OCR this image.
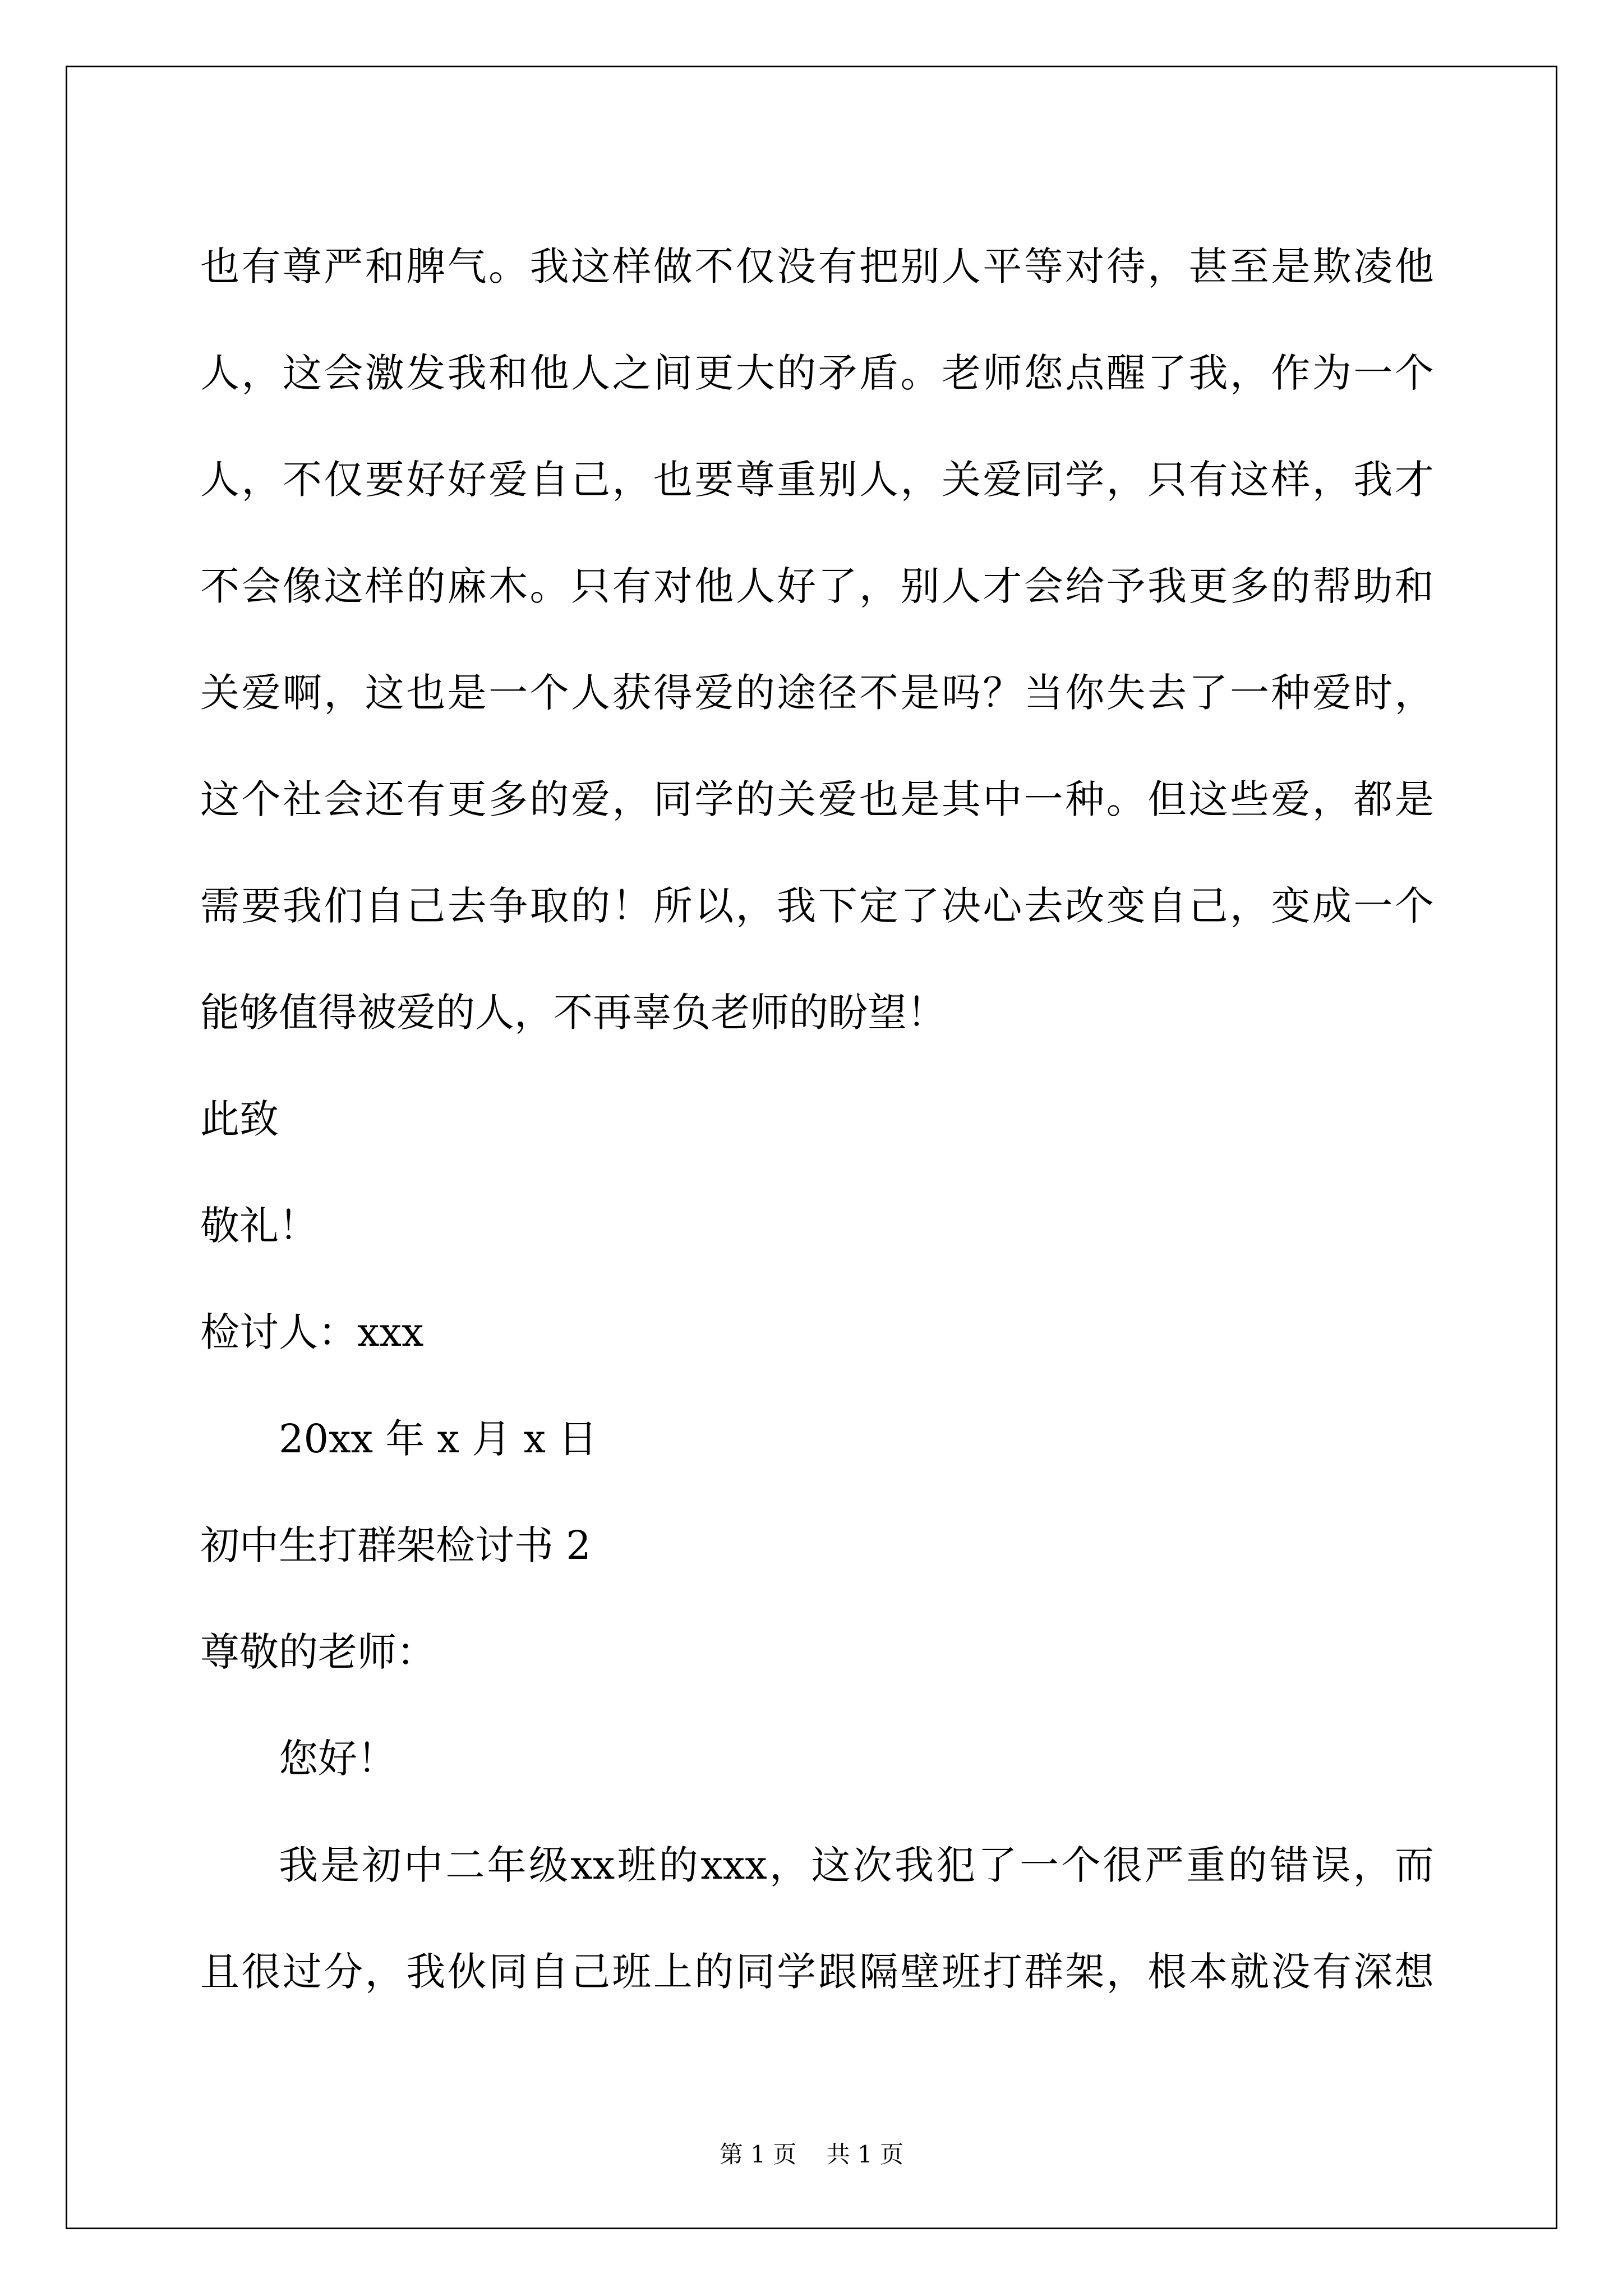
也 有 尊 严 和 脾 气 。 我 这 样 做 不 仅 没 有 把 别 人 平 等 对 待 ， 甚 至 是 欺 凌 他
人 ， 这 会 激 发 我 和 他 人 之 间 更 大 的 矛 盾 。 老 师 您 点 醒 了 我 ， 作 为 一 个
人 ， 不 仅 要 好 好 爱 自 己 ， 也 要 尊 重 别 人 ， 关 爱 同 学 ， 只 有 这 样 ， 我 才
不 会 像 这 样 的 麻 木 。 只 有 对 他 人 好 了 ， 别 人 才 会 给 予 我 更 多 的 帮 助 和
关 爱 啊 ， 这 也 是 一 个 人 获 得 爱 的 途 径 不 是 吗 ？ 当 你 失 去 了 一 种 爱 时 ，
这 个 社 会 还 有 更 多 的 爱 ， 同 学 的 关 爱 也 是 其 中 一 种 。 但 这 些 爱 ， 都 是
需 要 我 们 自 己 去 争 取 的 ！ 所 以 ， 我 下 定 了 决 心 去 改 变 自 己 ， 变 成 一 个
能够值得被爱的人，不再辜负老师的盼望！
此致
敬礼！
检讨人：xxx
20xx 年 x 月 x 日
初中生打群架检讨书 2
尊敬的老师：
您好！
我 是 初 中 二 年 级 xx 班 的 xxx ， 这 次 我 犯 了 一 个 很 严 重 的 错 误 ， 而
且 很 过 分 ， 我 伙 同 自 己 班 上 的 同 学 跟 隔 壁 班 打 群 架 ， 根 本 就 没 有 深 想
第 1 页    共 1 页
